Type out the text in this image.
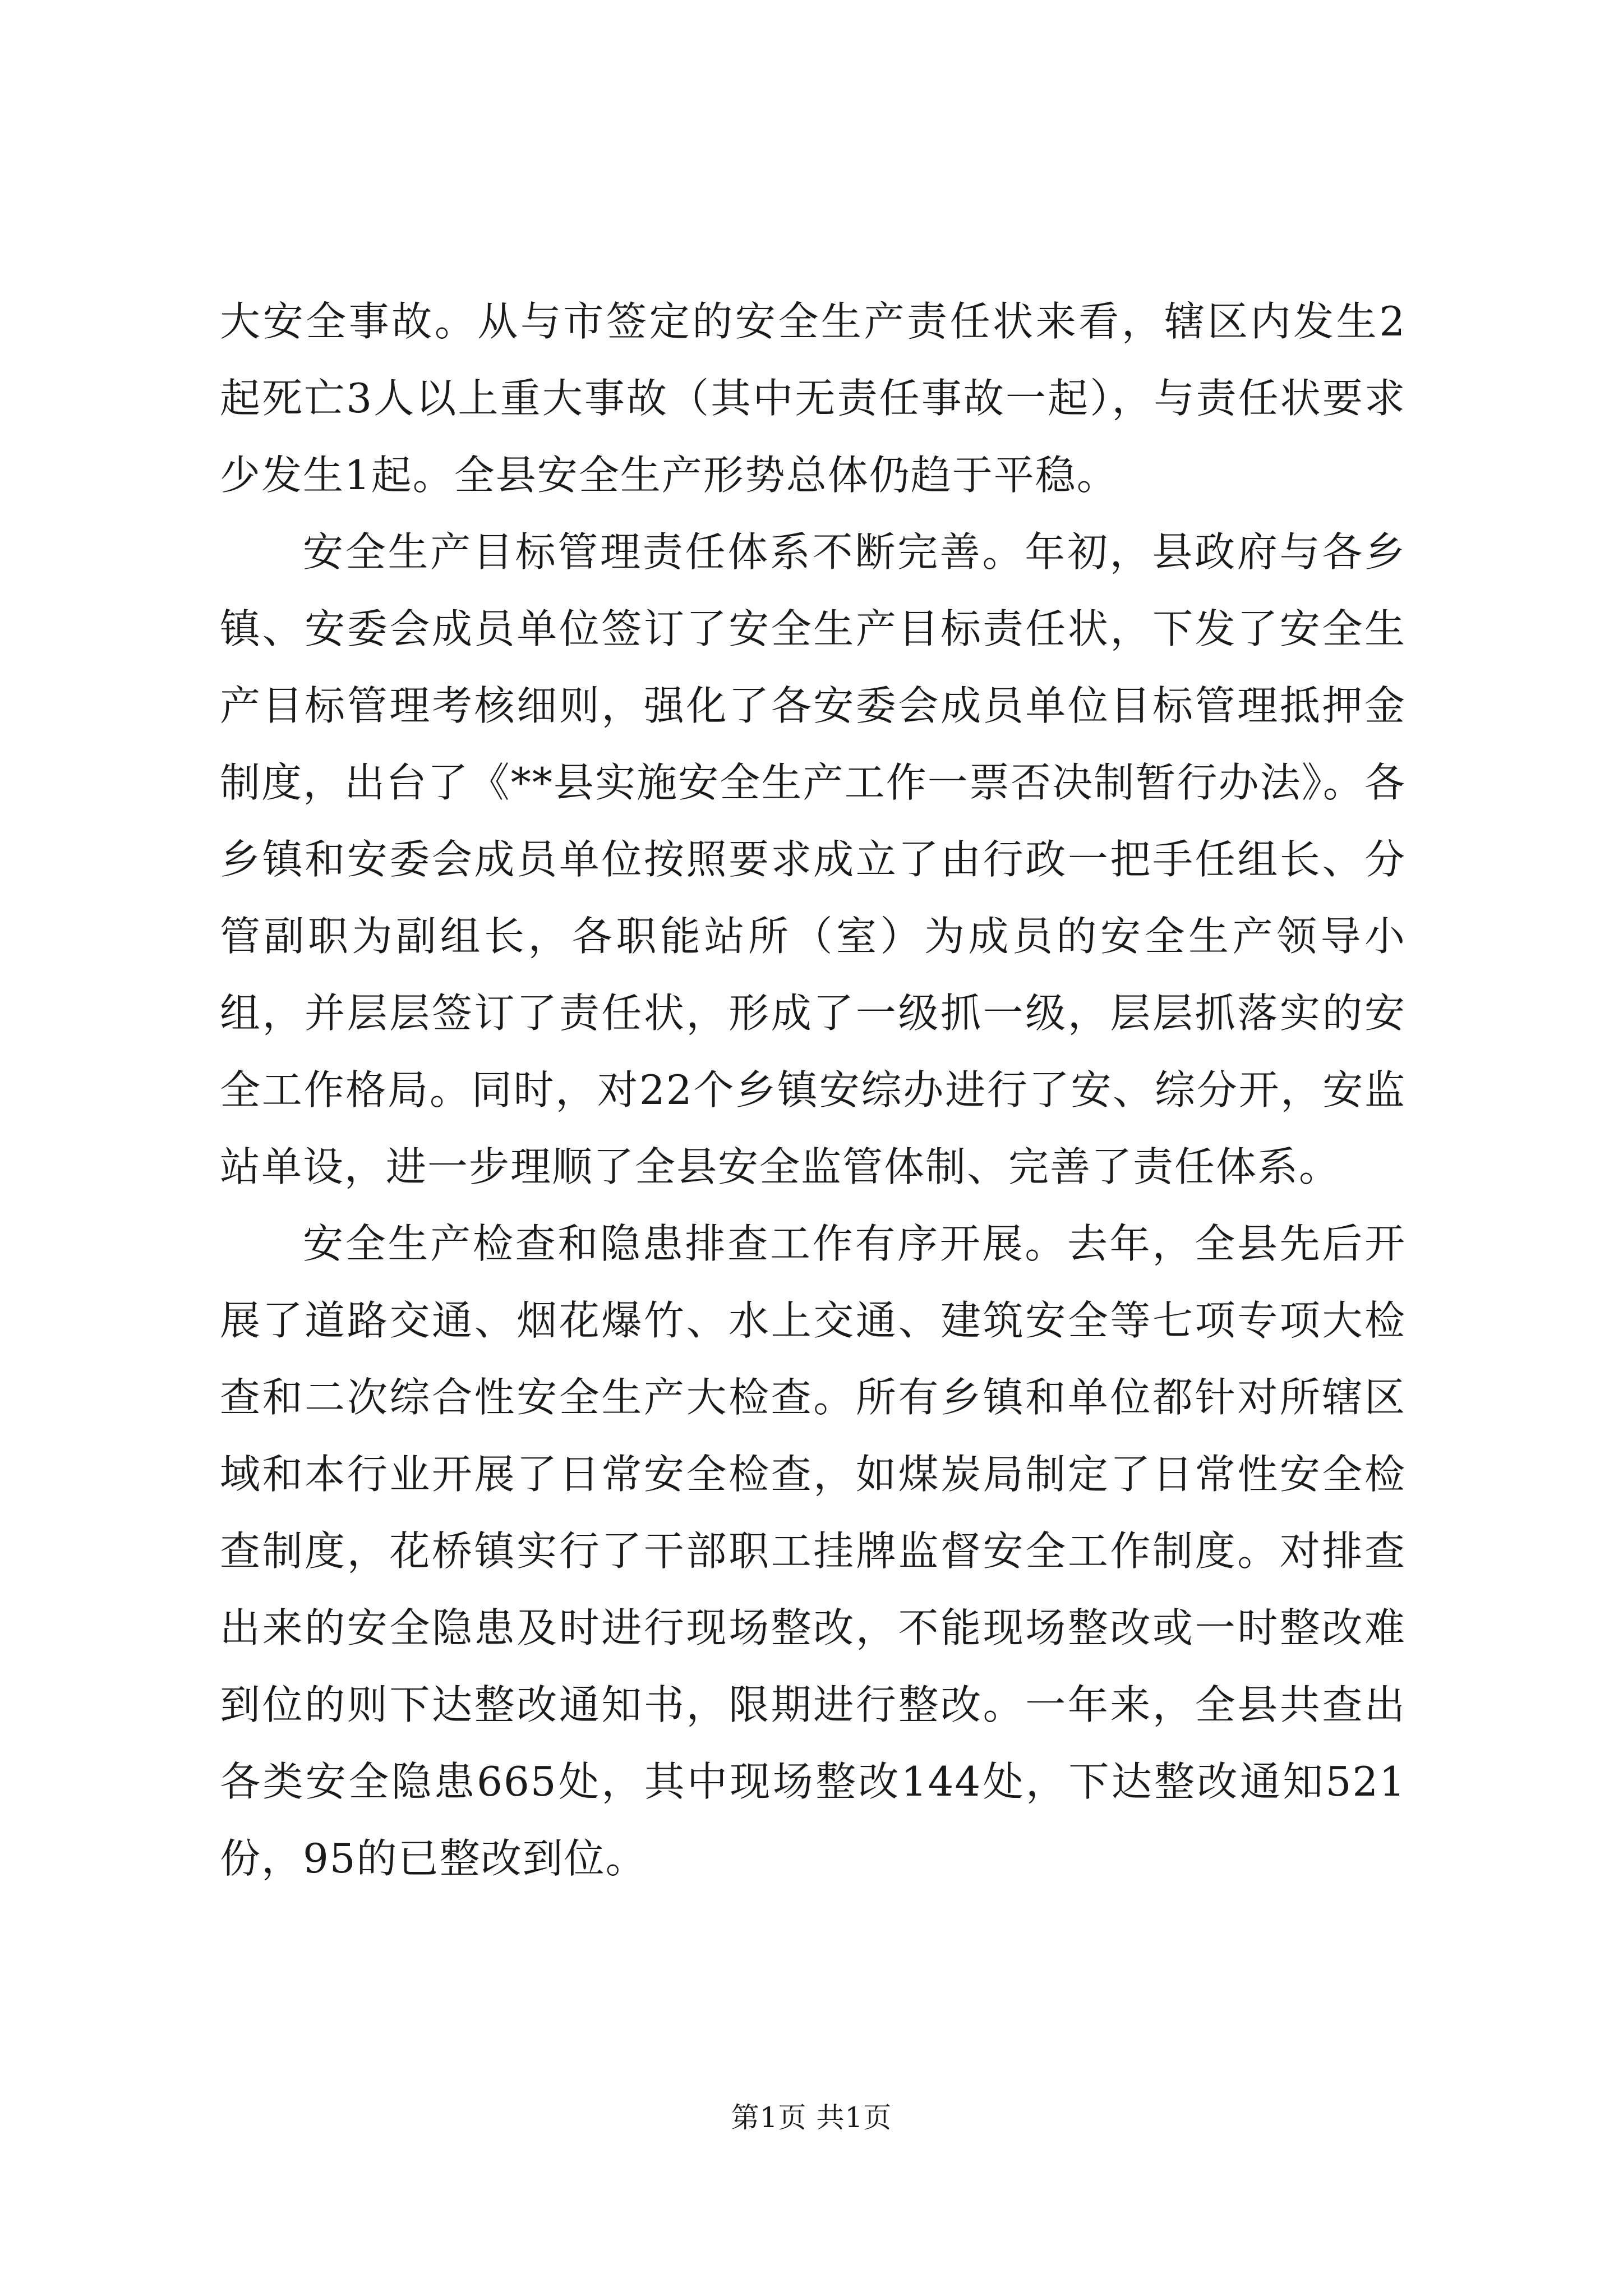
大安全事故。从与市签定的安全生产责任状来看，辖区内发生2起死亡3人以上重大事故（其中无责任事故一起），与责任状要求少发生1起。全县安全生产形势总体仍趋于平稳。

安全生产目标管理责任体系不断完善。年初，县政府与各乡镇、安委会成员单位签订了安全生产目标责任状，下发了安全生产目标管理考核细则，强化了各安委会成员单位目标管理抵押金制度，出台了《**县实施安全生产工作一票否决制暂行办法》。各乡镇和安委会成员单位按照要求成立了由行政一把手任组长、分管副职为副组长，各职能站所（室）为成员的安全生产领导小组，并层层签订了责任状，形成了一级抓一级，层层抓落实的安全工作格局。同时，对22个乡镇安综办进行了安、综分开，安监站单设，进一步理顺了全县安全监管体制、完善了责任体系。

安全生产检查和隐患排查工作有序开展。去年，全县先后开展了道路交通、烟花爆竹、水上交通、建筑安全等七项专项大检查和二次综合性安全生产大检查。所有乡镇和单位都针对所辖区域和本行业开展了日常安全检查，如煤炭局制定了日常性安全检查制度，花桥镇实行了干部职工挂牌监督安全工作制度。对排查出来的安全隐患及时进行现场整改，不能现场整改或一时整改难到位的则下达整改通知书，限期进行整改。一年来，全县共查出各类安全隐患665处，其中现场整改144处，下达整改通知521份，95的已整改到位。

第1页 共1页
